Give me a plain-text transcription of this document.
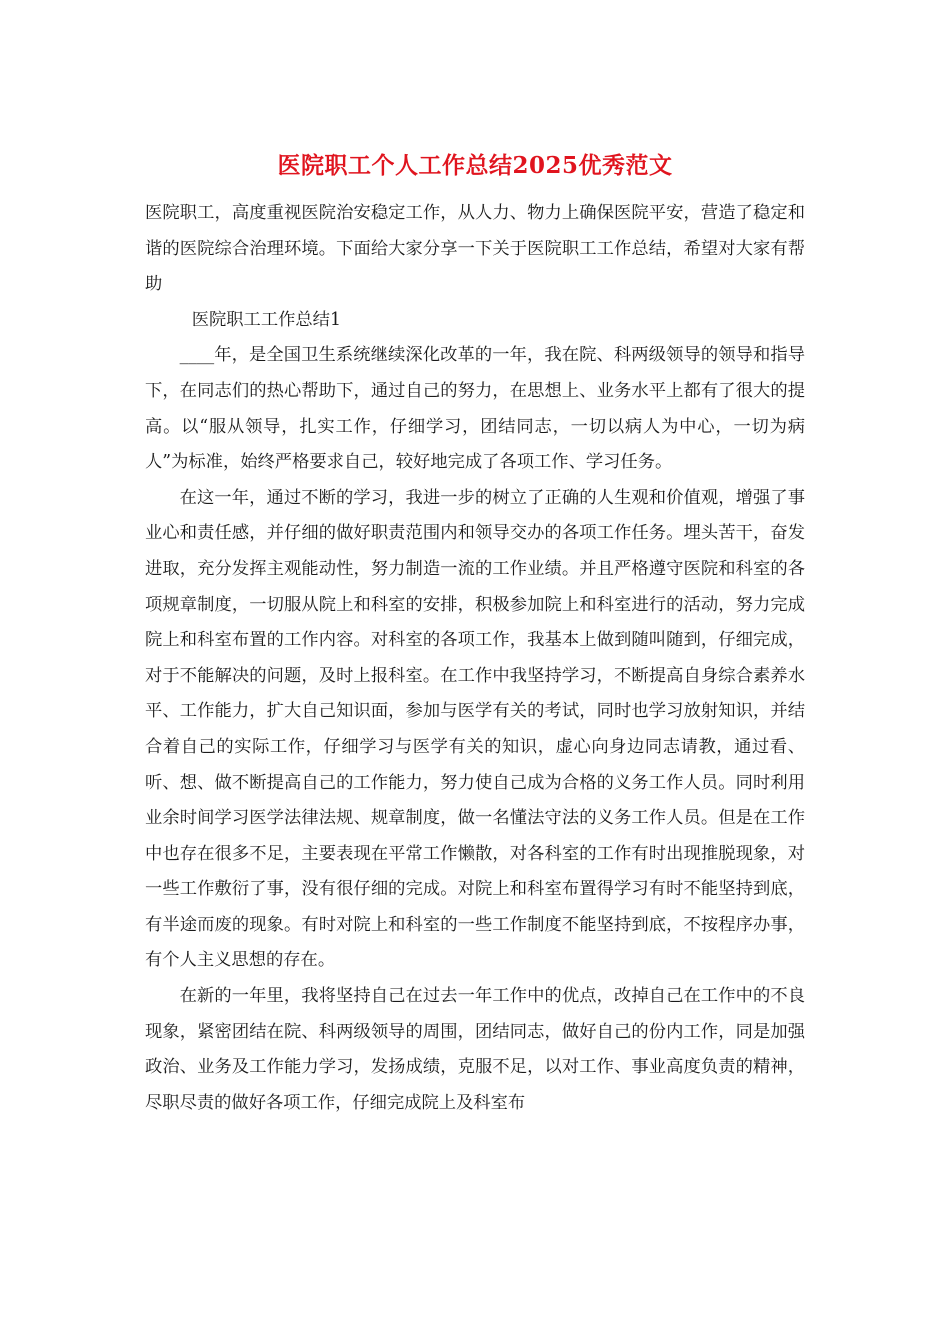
医院职工个人工作总结2025优秀范文

医院职工，高度重视医院治安稳定工作，从人力、物力上确保医院平安，营造了稳定和谐的医院综合治理环境。下面给大家分享一下关于医院职工工作总结，希望对大家有帮助

医院职工工作总结1

____年，是全国卫生系统继续深化改革的一年，我在院、科两级领导的领导和指导下，在同志们的热心帮助下，通过自己的努力，在思想上、业务水平上都有了很大的提高。以“服从领导，扎实工作，仔细学习，团结同志，一切以病人为中心，一切为病人”为标准，始终严格要求自己，较好地完成了各项工作、学习任务。

在这一年，通过不断的学习，我进一步的树立了正确的人生观和价值观，增强了事业心和责任感，并仔细的做好职责范围内和领导交办的各项工作任务。埋头苦干，奋发进取，充分发挥主观能动性，努力制造一流的工作业绩。并且严格遵守医院和科室的各项规章制度，一切服从院上和科室的安排，积极参加院上和科室进行的活动，努力完成院上和科室布置的工作内容。对科室的各项工作，我基本上做到随叫随到，仔细完成，对于不能解决的问题，及时上报科室。在工作中我坚持学习，不断提高自身综合素养水平、工作能力，扩大自己知识面，参加与医学有关的考试，同时也学习放射知识，并结合着自己的实际工作，仔细学习与医学有关的知识，虚心向身边同志请教，通过看、听、想、做不断提高自己的工作能力，努力使自己成为合格的义务工作人员。同时利用业余时间学习医学法律法规、规章制度，做一名懂法守法的义务工作人员。但是在工作中也存在很多不足，主要表现在平常工作懒散，对各科室的工作有时出现推脱现象，对一些工作敷衍了事，没有很仔细的完成。对院上和科室布置得学习有时不能坚持到底，有半途而废的现象。有时对院上和科室的一些工作制度不能坚持到底，不按程序办事，有个人主义思想的存在。

在新的一年里，我将坚持自己在过去一年工作中的优点，改掉自己在工作中的不良现象，紧密团结在院、科两级领导的周围，团结同志，做好自己的份内工作，同是加强政治、业务及工作能力学习，发扬成绩，克服不足，以对工作、事业高度负责的精神，尽职尽责的做好各项工作，仔细完成院上及科室布
